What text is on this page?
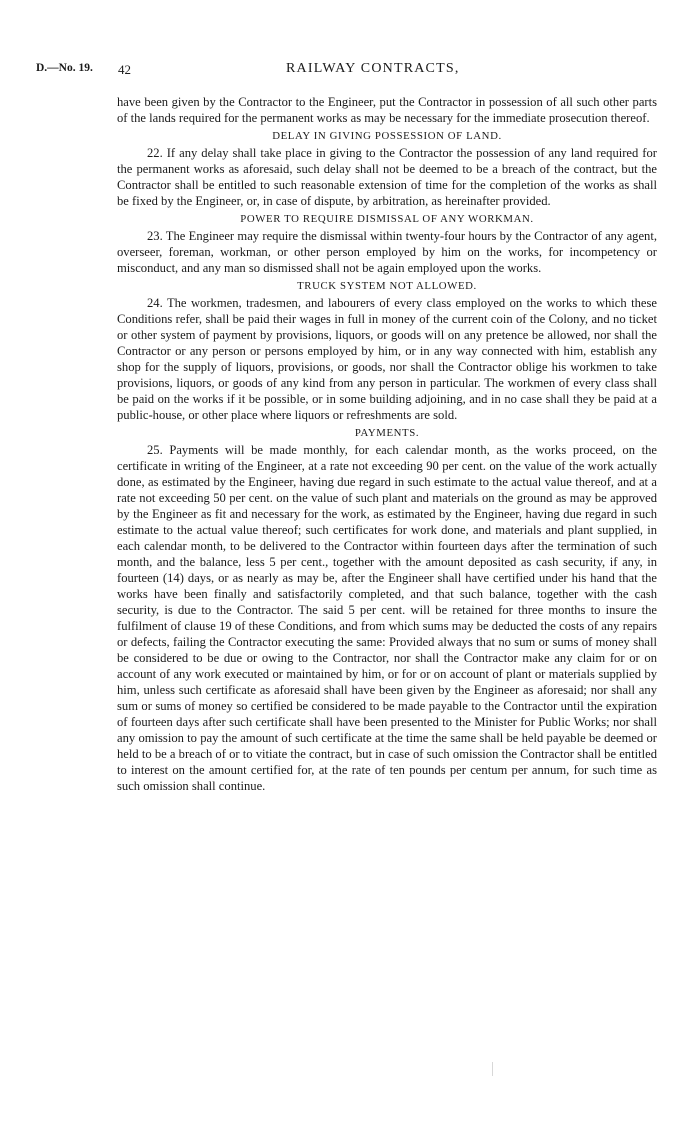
D.—No. 19. 42	RAILWAY CONTRACTS,

have been given by the Contractor to the Engineer, put the Contractor in possession of all such other parts of the lands required for the permanent works as may be necessary for the immediate prosecution thereof.

DELAY IN GIVING POSSESSION OF LAND.

22. If any delay shall take place in giving to the Contractor the possession of any land required for the permanent works as aforesaid, such delay shall not be deemed to be a breach of the contract, but the Contractor shall be entitled to such reasonable extension of time for the completion of the works as shall be fixed by the Engineer, or, in case of dispute, by arbitration, as hereinafter provided.

POWER TO REQUIRE DISMISSAL OF ANY WORKMAN.

23. The Engineer may require the dismissal within twenty-four hours by the Contractor of any agent, overseer, foreman, workman, or other person employed by him on the works, for incompetency or misconduct, and any man so dismissed shall not be again employed upon the works.

TRUCK SYSTEM NOT ALLOWED.

24. The workmen, tradesmen, and labourers of every class employed on the works to which these Conditions refer, shall be paid their wages in full in money of the current coin of the Colony, and no ticket or other system of payment by provisions, liquors, or goods will on any pretence be allowed, nor shall the Contractor or any person or persons employed by him, or in any way connected with him, establish any shop for the supply of liquors, provisions, or goods, nor shall the Contractor oblige his workmen to take provisions, liquors, or goods of any kind from any person in particular. The workmen of every class shall be paid on the works if it be possible, or in some building adjoining, and in no case shall they be paid at a public-house, or other place where liquors or refreshments are sold.

PAYMENTS.

25. Payments will be made monthly, for each calendar month, as the works proceed, on the certificate in writing of the Engineer, at a rate not exceeding 90 per cent. on the value of the work actually done, as estimated by the Engineer, having due regard in such estimate to the actual value thereof, and at a rate not exceeding 50 per cent. on the value of such plant and materials on the ground as may be approved by the Engineer as fit and necessary for the work, as estimated by the Engineer, having due regard in such estimate to the actual value thereof; such certificates for work done, and materials and plant supplied, in each calendar month, to be delivered to the Contractor within fourteen days after the termination of such month, and the balance, less 5 per cent., together with the amount deposited as cash security, if any, in fourteen (14) days, or as nearly as may be, after the Engineer shall have certified under his hand that the works have been finally and satisfactorily completed, and that such balance, together with the cash security, is due to the Contractor. The said 5 per cent. will be retained for three months to insure the fulfilment of clause 19 of these Conditions, and from which sums may be deducted the costs of any repairs or defects, failing the Contractor executing the same: Provided always that no sum or sums of money shall be considered to be due or owing to the Contractor, nor shall the Contractor make any claim for or on account of any work executed or maintained by him, or for or on account of plant or materials supplied by him, unless such certificate as aforesaid shall have been given by the Engineer as aforesaid; nor shall any sum or sums of money so certified be considered to be made payable to the Contractor until the expiration of fourteen days after such certificate shall have been presented to the Minister for Public Works; nor shall any omission to pay the amount of such certificate at the time the same shall be held payable be deemed or held to be a breach of or to vitiate the contract, but in case of such omission the Contractor shall be entitled to interest on the amount certified for, at the rate of ten pounds per centum per annum, for such time as such omission shall continue.
